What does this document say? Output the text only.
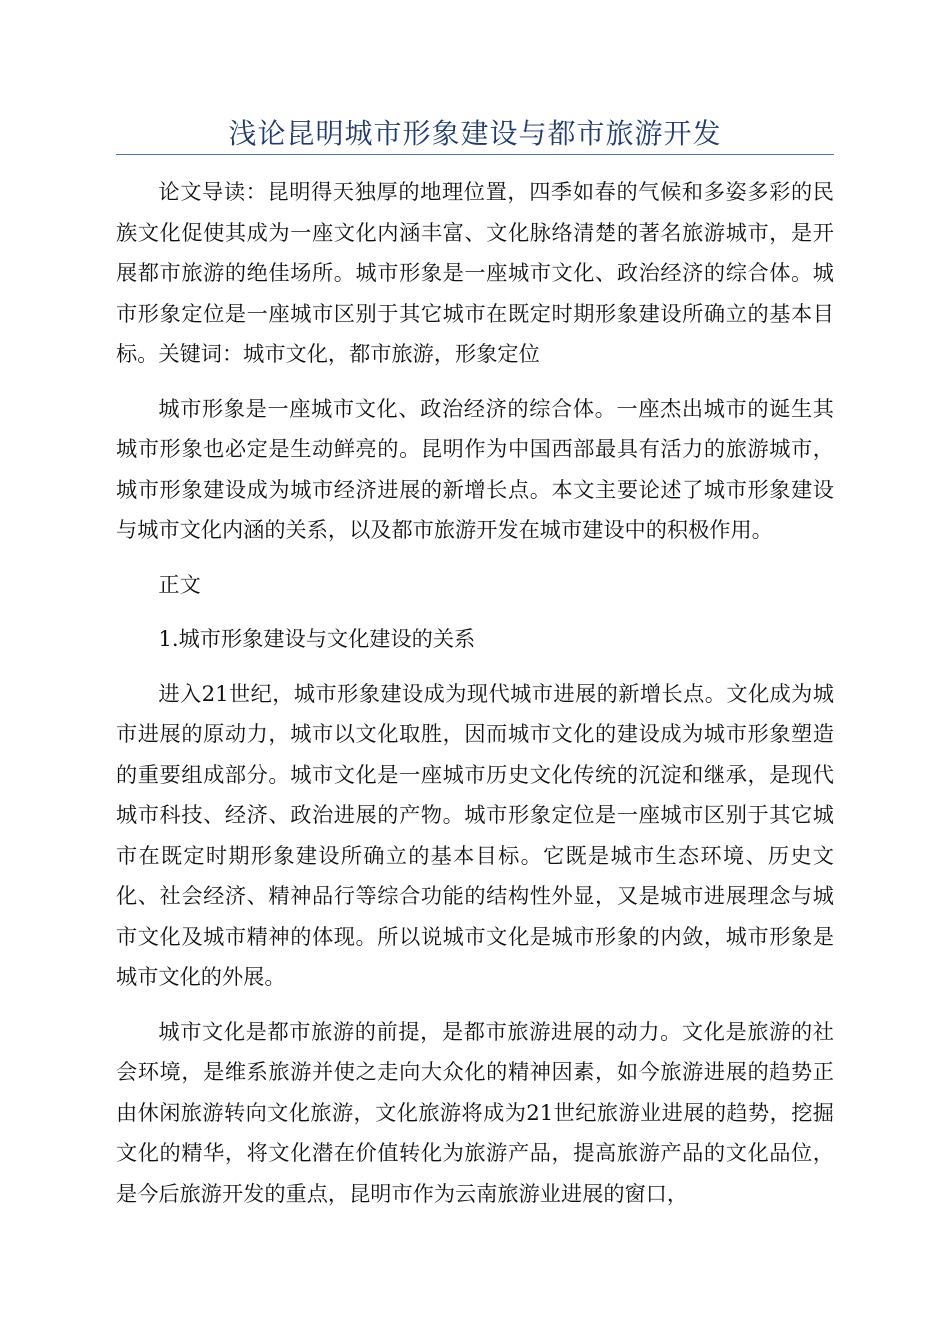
浅论昆明城市形象建设与都市旅游开发

论文导读：昆明得天独厚的地理位置，四季如春的气候和多姿多彩的民族文化促使其成为一座文化内涵丰富、文化脉络清楚的著名旅游城市，是开展都市旅游的绝佳场所。城市形象是一座城市文化、政治经济的综合体。城市形象定位是一座城市区别于其它城市在既定时期形象建设所确立的基本目标。关键词：城市文化，都市旅游，形象定位

城市形象是一座城市文化、政治经济的综合体。一座杰出城市的诞生其城市形象也必定是生动鲜亮的。昆明作为中国西部最具有活力的旅游城市，城市形象建设成为城市经济进展的新增长点。本文主要论述了城市形象建设与城市文化内涵的关系，以及都市旅游开发在城市建设中的积极作用。

正文

1.城市形象建设与文化建设的关系

进入21世纪，城市形象建设成为现代城市进展的新增长点。文化成为城市进展的原动力，城市以文化取胜，因而城市文化的建设成为城市形象塑造的重要组成部分。城市文化是一座城市历史文化传统的沉淀和继承，是现代城市科技、经济、政治进展的产物。城市形象定位是一座城市区别于其它城市在既定时期形象建设所确立的基本目标。它既是城市生态环境、历史文化、社会经济、精神品行等综合功能的结构性外显，又是城市进展理念与城市文化及城市精神的体现。所以说城市文化是城市形象的内敛，城市形象是城市文化的外展。

城市文化是都市旅游的前提，是都市旅游进展的动力。文化是旅游的社会环境，是维系旅游并使之走向大众化的精神因素，如今旅游进展的趋势正由休闲旅游转向文化旅游，文化旅游将成为21世纪旅游业进展的趋势，挖掘文化的精华，将文化潜在价值转化为旅游产品，提高旅游产品的文化品位，是今后旅游开发的重点，昆明市作为云南旅游业进展的窗口，
